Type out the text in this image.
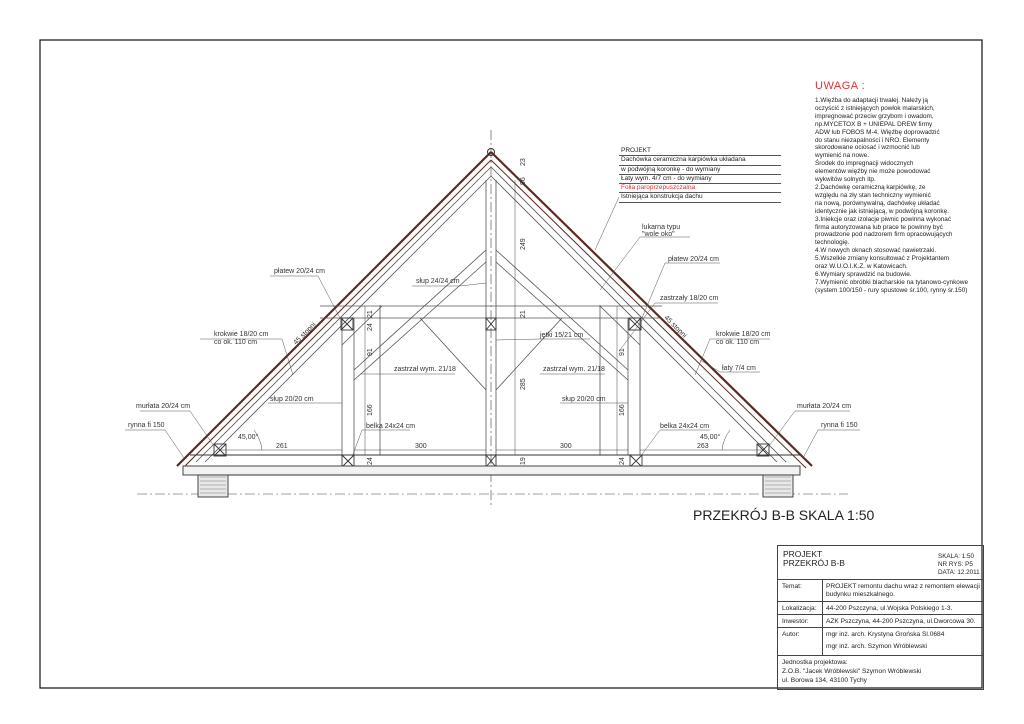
płatew 20/24 cm
płatew 20/24 cm
krokwie 18/20 cm
co ok. 110 cm
krokwie 18/20 cm
co ok. 110 cm
słup 24/24 cm
jętki 15/21 cm
zastrzał wym. 21/18	zastrzał wym. 21/18
zastrzały 18/20 cm
słup 20/20 cm	słup 20/20 cm
murłata 20/24 cm	murłata 20/24 cm
rynna fi 150	rynna fi 150
belka 24x24 cm	belka 24x24 cm
łaty 7/4 cm
lukarna typu
"wole oko"
45,00°	45,00°
45 stopni	45 stopni
261	300	300	263
21	21
24
91	91
166	166
24	24
19
249
285
96
23
PROJEKT
Dachówka ceramiczna karpiówka układana
w podwójną koronkę - do wymiany
Łaty wym. 4/7 cm - do wymiany
Folia paroprzepuszczalna
Istniejąca konstrukcja dachu
UWAGA :
1.Więźba do adaptacji trwałej. Należy ją
oczyścić z istniejących powłok malarskich,
impregnować przeciw grzybom i owadom,
np.MYCETOX B + UNIEPAL DREW firmy
ADW lub FOBOS M-4. Więźbę doprowadzić
do stanu niezapalności i NRO. Elementy
skorodowane ociosać i wzmocnić lub
wymienić na nowe.
Środek do impregnacji widocznych
elementów więźby nie może powodować
wykwitów solnych itp.
2.Dachówkę ceramiczną karpiówkę, ze
względu na zły stan techniczny wymienić
na nową, porównywalną, dachówkę układać
identycznie jak istniejącą, w podwójną koronkę.
3.Iniekcje oraz izolacje piwnic powinna wykonać
firma autoryzowana lub prace te powinny być
prowadzone pod nadzorem firm opracowujących
technologię.
4.W nowych oknach stosować nawietrzaki.
5.Wszelkie zmiany konsultować z Projektantem
oraz W.U.O.I.K.Z. w Katowicach.
6.Wymiary sprawdzić na budowie.
7.Wymienić obróbki blacharskie na tytanowo-cynkowe
(system 100/150 - rury spustowe śr.100, rynny śr.150)
PRZEKRÓJ B-B SKALA 1:50
PROJEKT
PRZEKRÓJ B-B
SKALA: 1:50
NR RYS: P5
DATA: 12.2011
Temat:	PROJEKT remontu dachu wraz z remontem elewacji
budynku mieszkalnego.
Lokalizacja: 44-200 Pszczyna, ul.Wojska Polskiego 1-3.
Inwestor:	AZK Pszczyna, 44-200 Pszczyna, ul.Dworcowa 30.
Autor:	mgr inż. arch. Krystyna Grońska Sl.0684
mgr inż. arch. Szymon Wróblewski
Jednostka projektowa:
Z.O.B. "Jacek Wróblewski" Szymon Wróblewski
ul. Borowa 134, 43100 Tychy
